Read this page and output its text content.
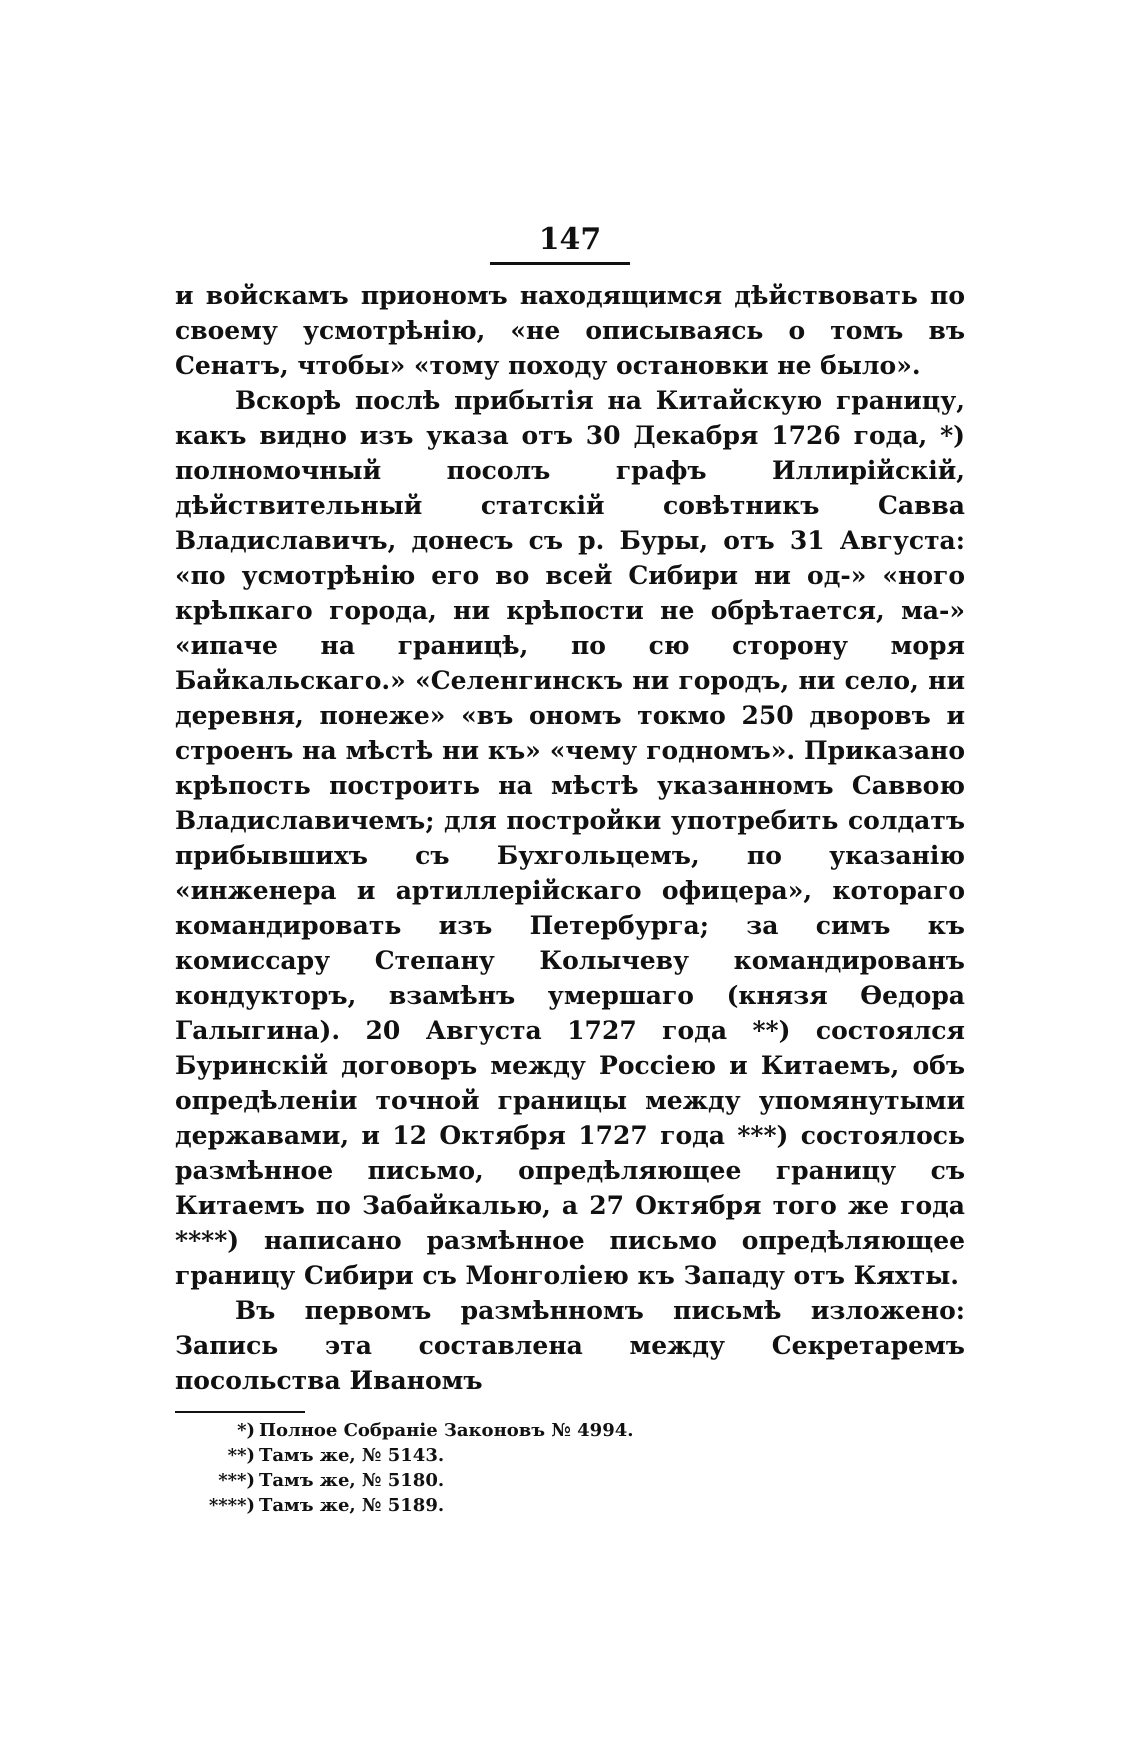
147

и войскамъ приономъ находящимся дѣйствовать по своему усмотрѣнію, «не описываясь о томъ въ Сенатъ, чтобы» «тому походу остановки не было».

Вскорѣ послѣ прибытія на Китайскую границу, какъ видно изъ указа отъ 30 Декабря 1726 года, *) полномочный посолъ графъ Иллирійскій, дѣйствительный статскій совѣтникъ Савва Владиславичъ, донесъ съ р. Буры, отъ 31 Августа: «по усмотрѣнію его во всей Сибири ни од-» «ного крѣпкаго города, ни крѣпости не обрѣтается, ма-» «ипаче на границѣ, по сю сторону моря Байкальскаго.» «Селенгинскъ ни городъ, ни село, ни деревня, понеже» «въ ономъ токмо 250 дворовъ и строенъ на мѣстѣ ни къ» «чему годномъ». Приказано крѣпость построить на мѣстѣ указанномъ Саввою Владиславичемъ; для постройки употребить солдатъ прибывшихъ съ Бухгольцемъ, по указанію «инженера и артиллерійскаго офицера», котораго командировать изъ Петербурга; за симъ къ комиссару Степану Колычеву командированъ кондукторъ, взамѣнъ умершаго (князя Ѳедора Галыгина). 20 Августа 1727 года **) состоялся Буринскій договоръ между Россіею и Китаемъ, объ опредѣленіи точной границы между упомянутыми державами, и 12 Октября 1727 года ***) состоялось размѣнное письмо, опредѣляющее границу съ Китаемъ по Забайкалью, а 27 Октября того же года ****) написано размѣнное письмо опредѣляющее границу Сибири съ Монголіею къ Западу отъ Кяхты.

Въ первомъ размѣнномъ письмѣ изложено: Запись эта составлена между Секретаремъ посольства Иваномъ

*) Полное Собраніе Законовъ № 4994.
**) Тамъ же, № 5143.
***) Тамъ же, № 5180.
****) Тамъ же, № 5189.
